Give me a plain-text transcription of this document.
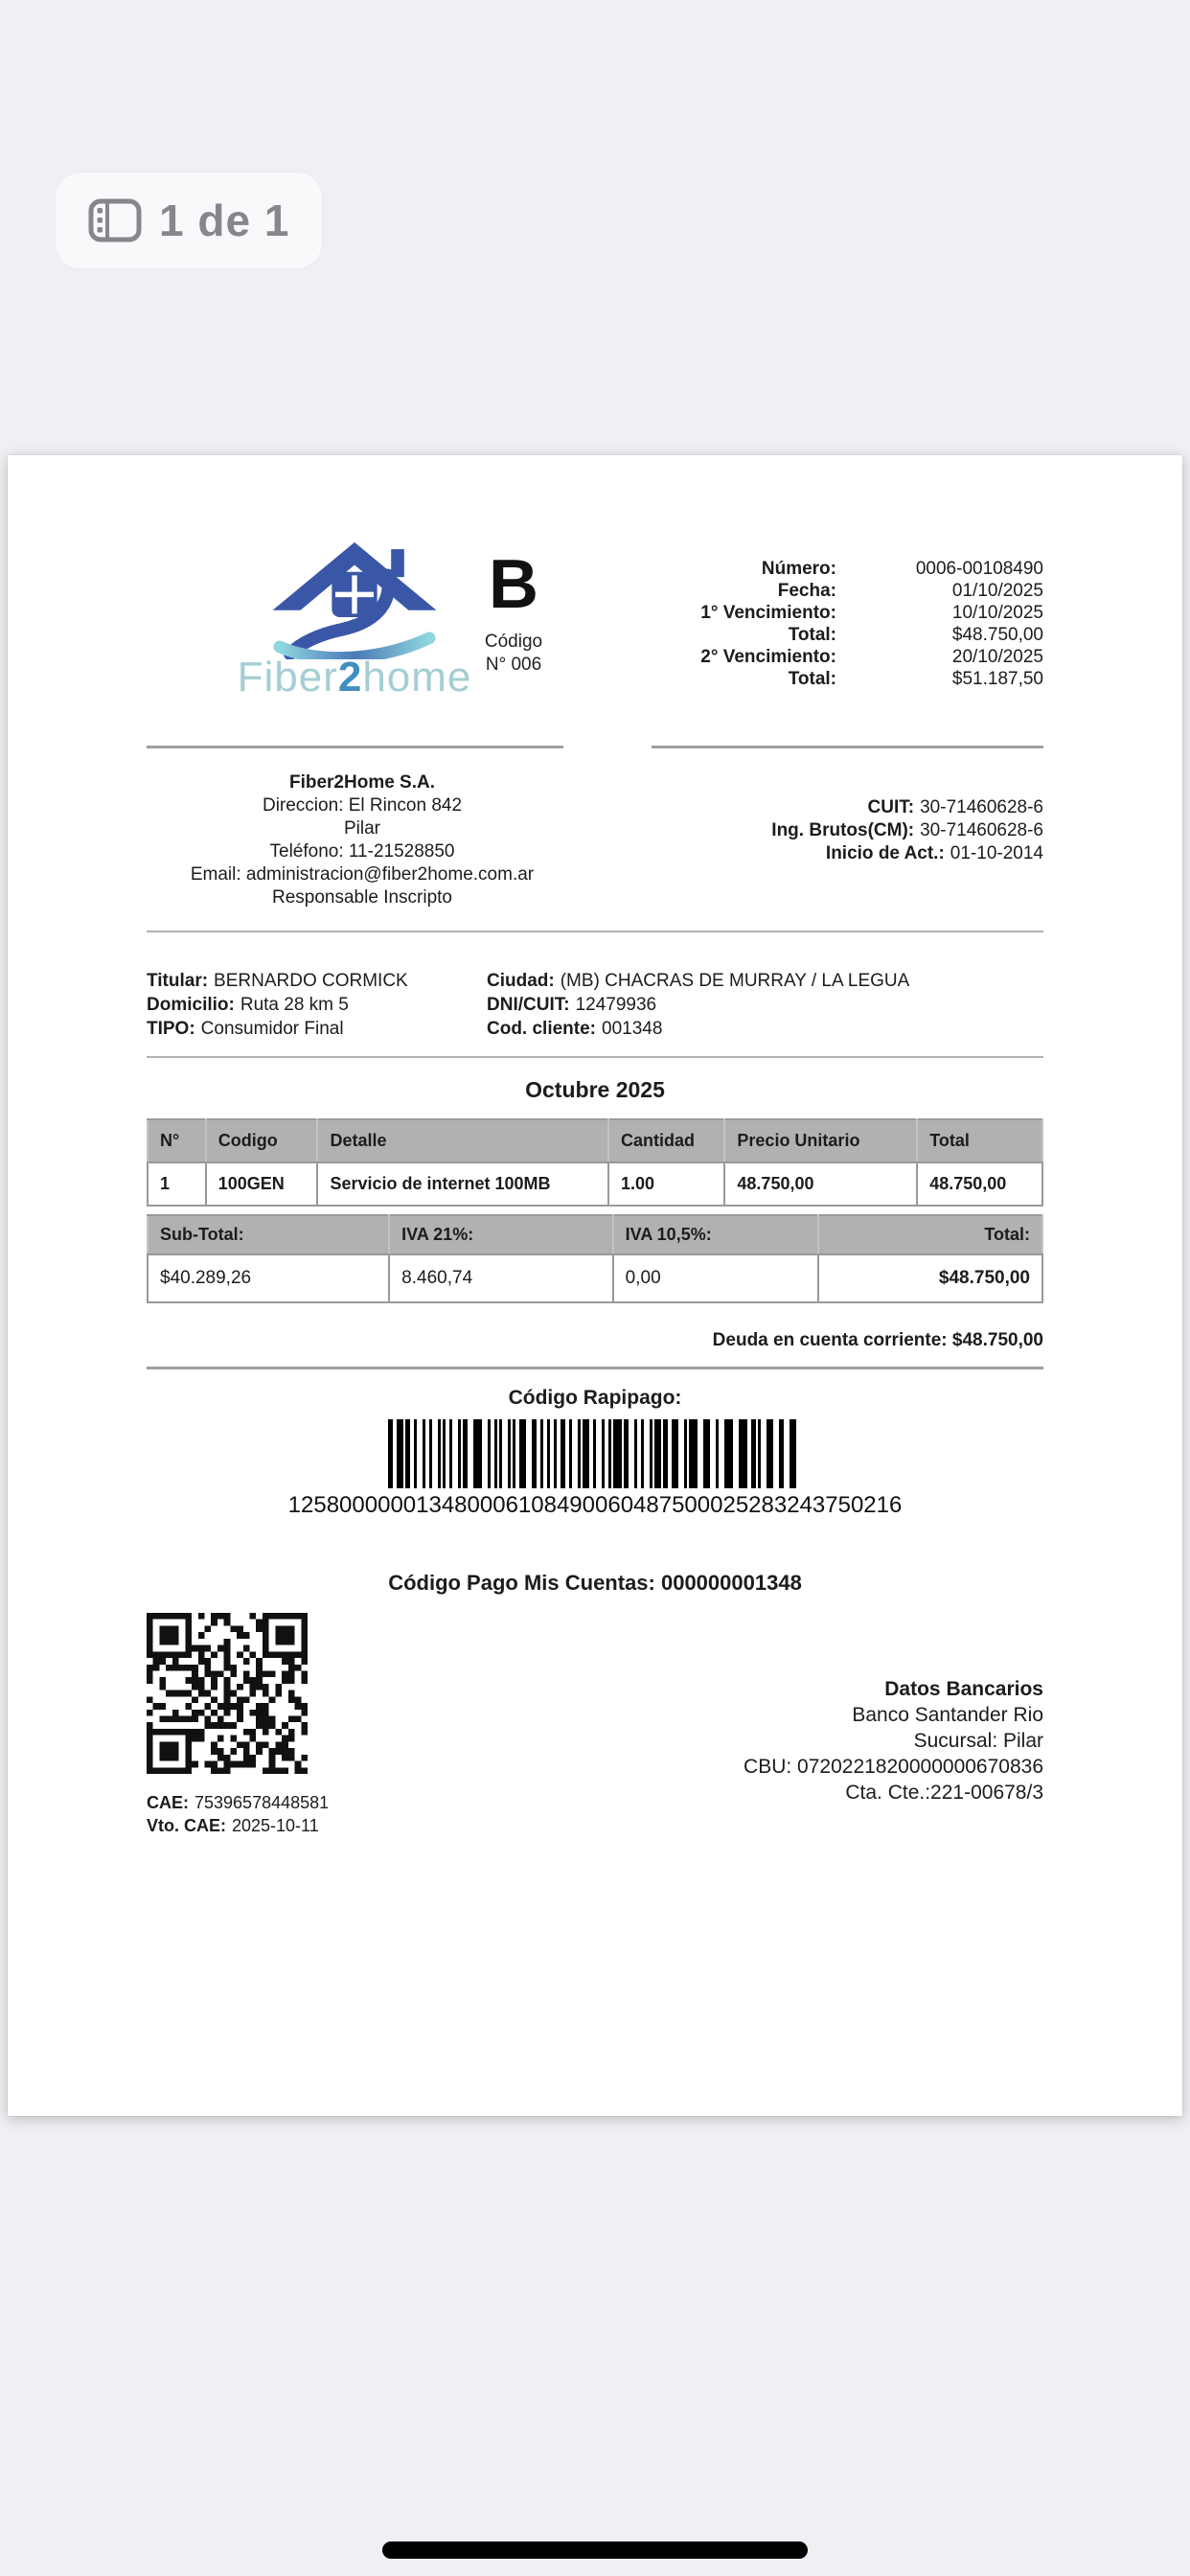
1 de 1
Fiber2home
B
Código
N° 006
Número:	0006-00108490
Fecha:	01/10/2025
1° Vencimiento:	10/10/2025
Total:	$48.750,00
2° Vencimiento:	20/10/2025
Total:	$51.187,50
Fiber2Home S.A.
Direccion: El Rincon 842
Pilar
Teléfono: 11-21528850
Email: administracion@fiber2home.com.ar
Responsable Inscripto
CUIT: 30-71460628-6
Ing. Brutos(CM): 30-71460628-6
Inicio de Act.: 01-10-2014
Titular: BERNARDO CORMICK
Domicilio: Ruta 28 km 5
TIPO: Consumidor Final
Ciudad: (MB) CHACRAS DE MURRAY / LA LEGUA
DNI/CUIT: 12479936
Cod. cliente: 001348
Octubre 2025
N°	Codigo	Detalle	Cantidad	Precio Unitario	Total
1	100GEN	Servicio de internet 100MB	1.00	48.750,00	48.750,00
Sub-Total:	IVA 21%:	IVA 10,5%:	Total:
$40.289,26	8.460,74	0,00	$48.750,00
Deuda en cuenta corriente: $48.750,00
Código Rapipago:
125800000013480006108490060487500025283243750216
Código Pago Mis Cuentas: 000000001348
CAE: 75396578448581
Vto. CAE: 2025-10-11
Datos Bancarios
Banco Santander Rio
Sucursal: Pilar
CBU: 0720221820000000670836
Cta. Cte.:221-00678/3
